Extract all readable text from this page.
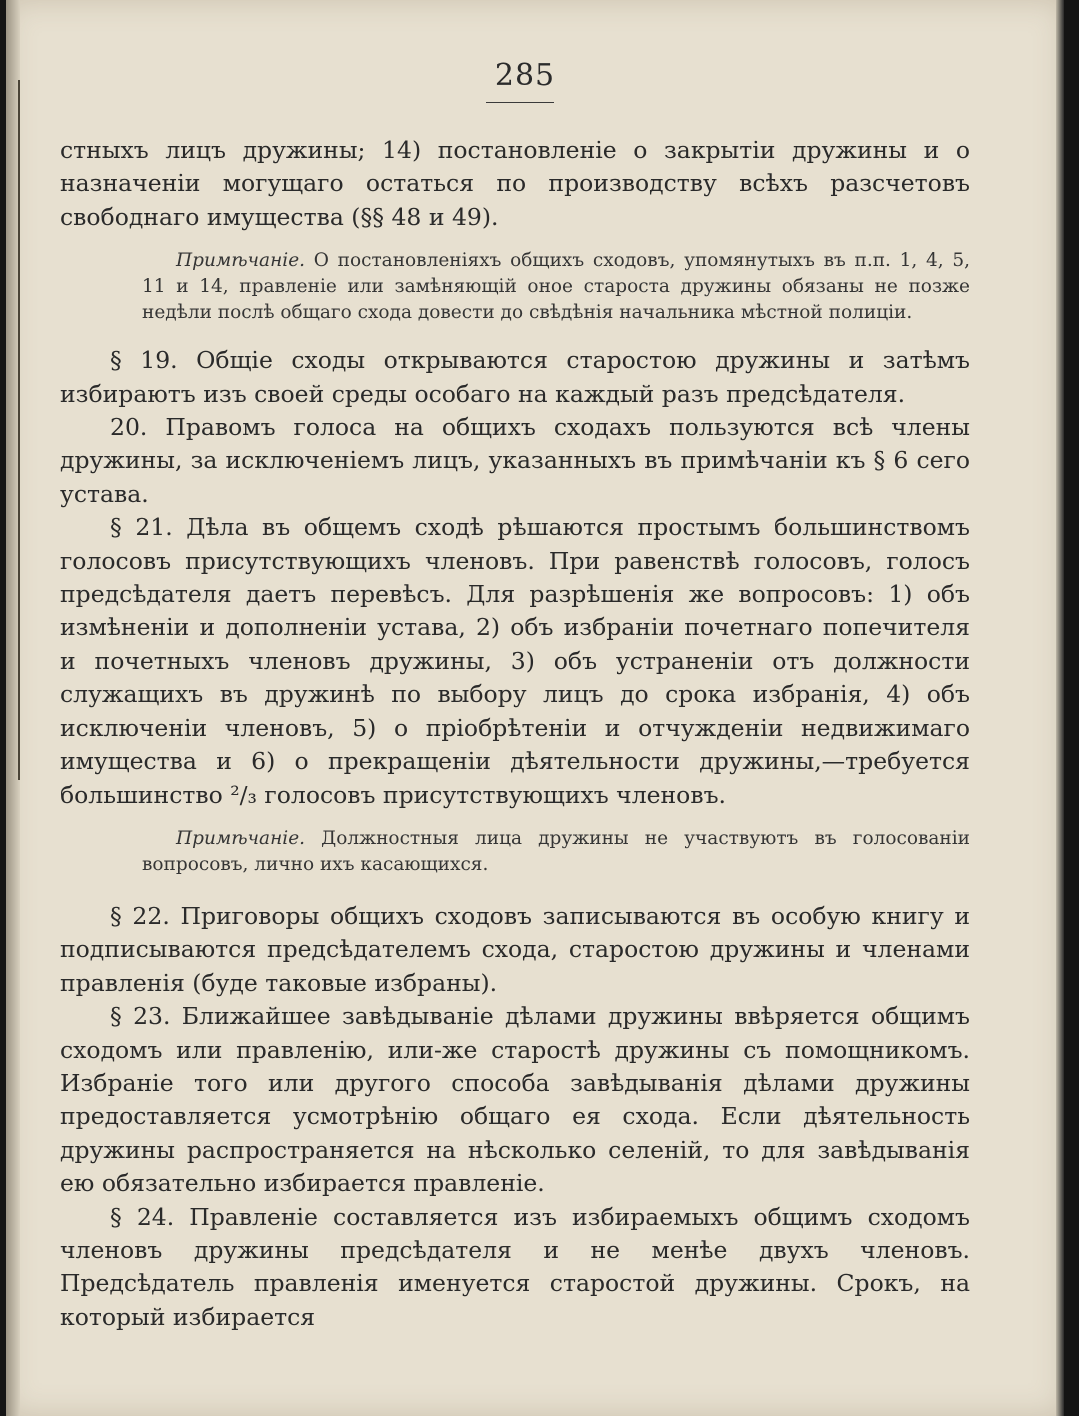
285

стныхъ лицъ дружины; 14) постановленіе о закрытіи дружины и о назначеніи могущаго остаться по производству всѣхъ разсчетовъ свободнаго имущества (§§ 48 и 49).

Примѣчаніе. О постановленіяхъ общихъ сходовъ, упомянутыхъ въ п.п. 1, 4, 5, 11 и 14, правленіе или замѣняющій оное староста дружины обязаны не позже недѣли послѣ общаго схода довести до свѣдѣнія начальника мѣстной полиціи.

§ 19. Общіе сходы открываются старостою дружины и затѣмъ избираютъ изъ своей среды особаго на каждый разъ предсѣдателя.

20. Правомъ голоса на общихъ сходахъ пользуются всѣ члены дружины, за исключеніемъ лицъ, указанныхъ въ примѣчаніи къ § 6 сего устава.

§ 21. Дѣла въ общемъ сходѣ рѣшаются простымъ большинствомъ голосовъ присутствующихъ членовъ. При равенствѣ голосовъ, голосъ предсѣдателя даетъ перевѣсъ. Для разрѣшенія же вопросовъ: 1) объ измѣненіи и дополненіи устава, 2) объ избраніи почетнаго попечителя и почетныхъ членовъ дружины, 3) объ устраненіи отъ должности служащихъ въ дружинѣ по выбору лицъ до срока избранія, 4) объ исключеніи членовъ, 5) о пріобрѣтеніи и отчужденіи недвижимаго имущества и 6) о прекращеніи дѣятельности дружины,—требуется большинство ²/₃ голосовъ присутствующихъ членовъ.

Примѣчаніе. Должностныя лица дружины не участвуютъ въ голосованіи вопросовъ, лично ихъ касающихся.

§ 22. Приговоры общихъ сходовъ записываются въ особую книгу и подписываются предсѣдателемъ схода, старостою дружины и членами правленія (буде таковые избраны).

§ 23. Ближайшее завѣдываніе дѣлами дружины ввѣряется общимъ сходомъ или правленію, или-же старостѣ дружины съ помощникомъ. Избраніе того или другого способа завѣдыванія дѣлами дружины предоставляется усмотрѣнію общаго ея схода. Если дѣятельность дружины распространяется на нѣсколько селеній, то для завѣдыванія ею обязательно избирается правленіе.

§ 24. Правленіе составляется изъ избираемыхъ общимъ сходомъ членовъ дружины предсѣдателя и не менѣе двухъ членовъ. Предсѣдатель правленія именуется старостой дружины. Срокъ, на который избирается
